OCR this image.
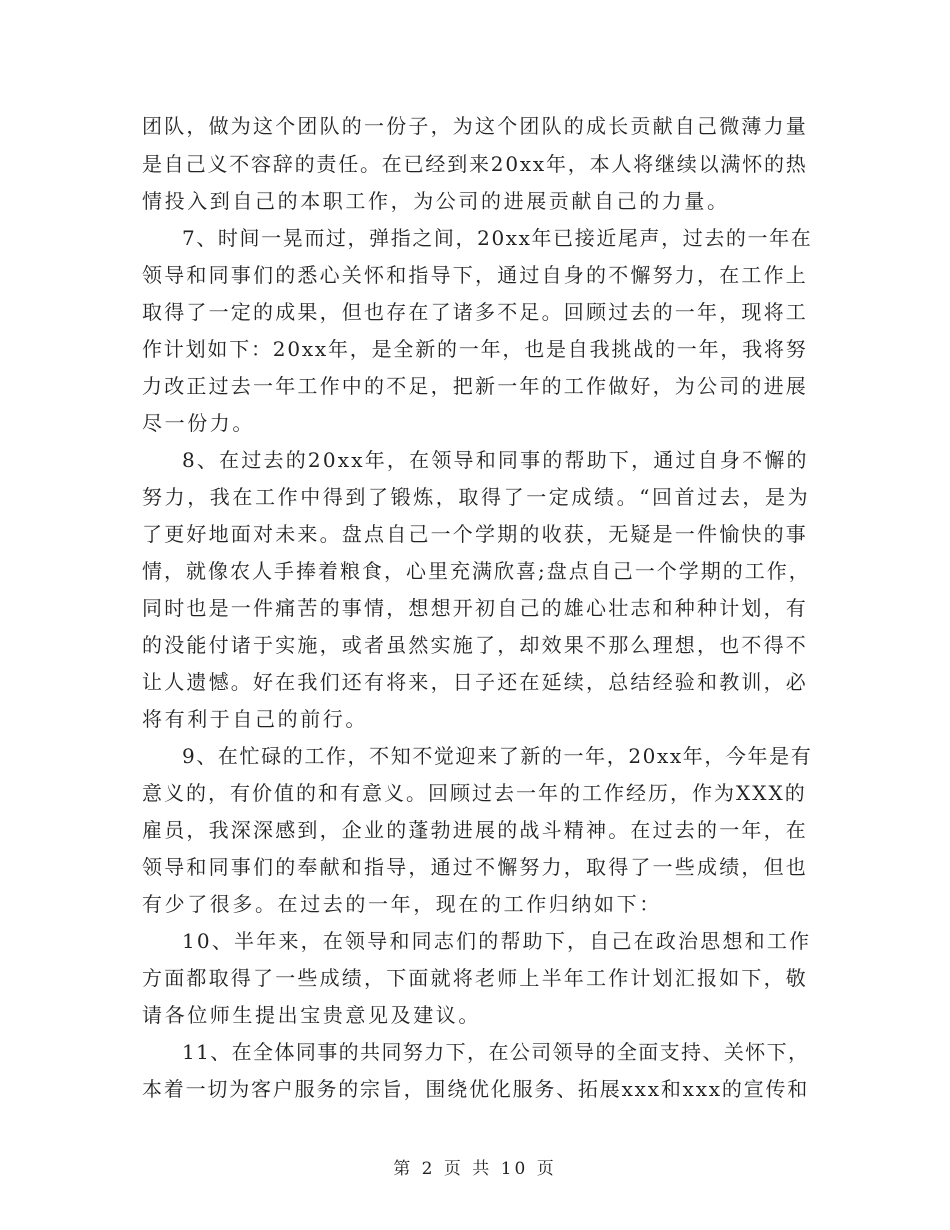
团队，做为这个团队的一份子，为这个团队的成长贡献自己微薄力量
是自己义不容辞的责任。在已经到来20xx年，本人将继续以满怀的热
情投入到自己的本职工作，为公司的进展贡献自己的力量。
7、时间一晃而过，弹指之间，20xx年已接近尾声，过去的一年在
领导和同事们的悉心关怀和指导下，通过自身的不懈努力，在工作上
取得了一定的成果，但也存在了诸多不足。回顾过去的一年，现将工
作计划如下：20xx年，是全新的一年，也是自我挑战的一年，我将努
力改正过去一年工作中的不足，把新一年的工作做好，为公司的进展
尽一份力。
8、在过去的20xx年，在领导和同事的帮助下，通过自身不懈的
努力，我在工作中得到了锻炼，取得了一定成绩。“回首过去，是为
了更好地面对未来。盘点自己一个学期的收获，无疑是一件愉快的事
情，就像农人手捧着粮食，心里充满欣喜;盘点自己一个学期的工作，
同时也是一件痛苦的事情，想想开初自己的雄心壮志和种种计划，有
的没能付诸于实施，或者虽然实施了，却效果不那么理想，也不得不
让人遗憾。好在我们还有将来，日子还在延续，总结经验和教训，必
将有利于自己的前行。
9、在忙碌的工作，不知不觉迎来了新的一年，20xx年，今年是有
意义的，有价值的和有意义。回顾过去一年的工作经历，作为XXX的
雇员，我深深感到，企业的蓬勃进展的战斗精神。在过去的一年，在
领导和同事们的奉献和指导，通过不懈努力，取得了一些成绩，但也
有少了很多。在过去的一年，现在的工作归纳如下：
10、半年来，在领导和同志们的帮助下，自己在政治思想和工作
方面都取得了一些成绩，下面就将老师上半年工作计划汇报如下，敬
请各位师生提出宝贵意见及建议。
11、在全体同事的共同努力下，在公司领导的全面支持、关怀下，
本着一切为客户服务的宗旨，围绕优化服务、拓展xxx和xxx的宣传和
第 2 页 共 10 页
